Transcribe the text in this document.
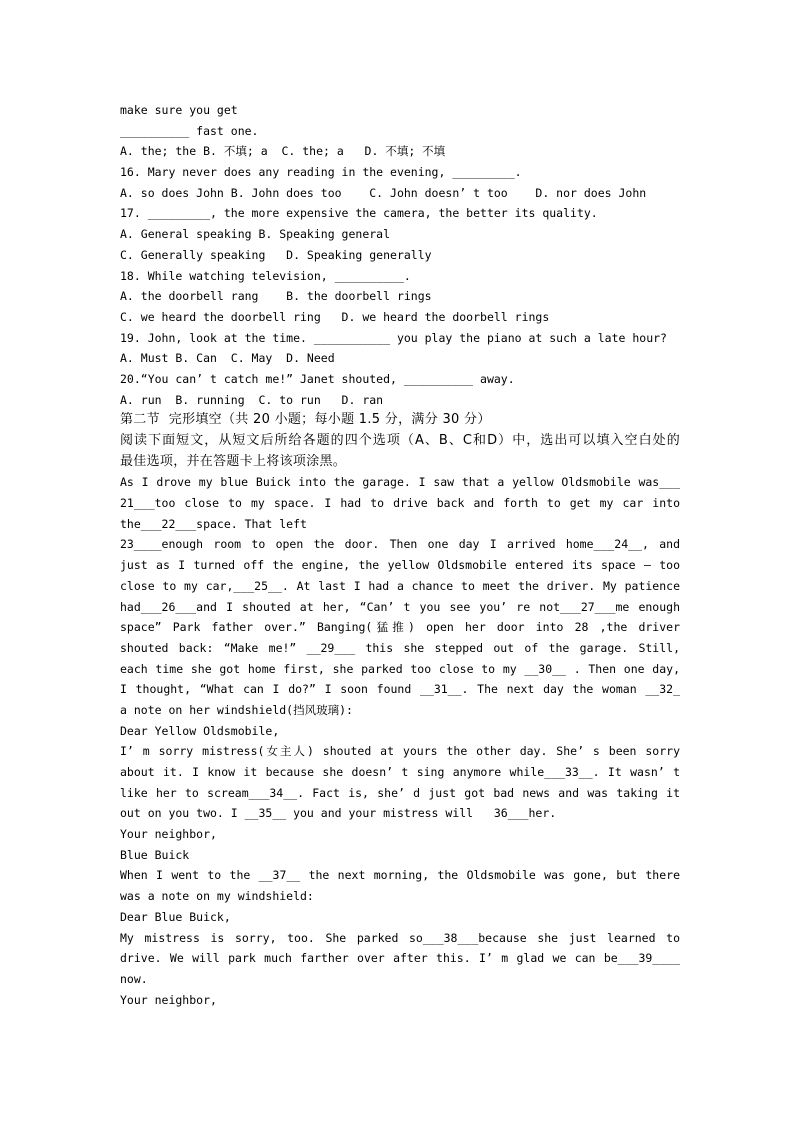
make sure you get
__________ fast one.
A. the; the B. 不填; a  C. the; a   D. 不填; 不填
16. Mary never does any reading in the evening, _________.
A. so does John B. John does too    C. John doesn’ t too    D. nor does John
17. _________, the more expensive the camera, the better its quality.
A. General speaking B. Speaking general
C. Generally speaking   D. Speaking generally
18. While watching television, __________.
A. the doorbell rang    B. the doorbell rings
C. we heard the doorbell ring   D. we heard the doorbell rings
19. John, look at the time. ___________ you play the piano at such a late hour?
A. Must B. Can  C. May  D. Need
20.“You can’ t catch me!” Janet shouted, __________ away.
A. run  B. running  C. to run   D. ran
第二节  完形填空（共 20 小题；每小题 1.5 分，满分 30 分）
阅读下面短文，从短文后所给各题的四个选项（A、B、C和D）中，选出可以填入空白处的
最佳选项，并在答题卡上将该项涂黑。
As I drove my blue Buick into the garage. I saw that a yellow Oldsmobile was___
21___too close to my space. I had to drive back and forth to get my car into
the___22___space. That left
23____enough room to open the door. Then one day I arrived home___24__, and
just as I turned off the engine, the yellow Oldsmobile entered its space — too
close to my car,___25__. At last I had a chance to meet the driver. My patience
had___26___and I shouted at her, “Can’ t you see you’ re not___27___me enough
space” Park father over.” Banging(猛推) open her door into 28 ,the driver
shouted back: “Make me!” __29___ this she stepped out of the garage. Still,
each time she got home first, she parked too close to my __30__ . Then one day,
I thought, “What can I do?” I soon found __31__. The next day the woman __32_
a note on her windshield(挡风玻璃):
Dear Yellow Oldsmobile,
I’ m sorry mistress(女主人) shouted at yours the other day. She’ s been sorry
about it. I know it because she doesn’ t sing anymore while___33__. It wasn’ t
like her to scream___34__. Fact is, she’ d just got bad news and was taking it
out on you two. I __35__ you and your mistress will   36___her.
Your neighbor,
Blue Buick
When I went to the __37__ the next morning, the Oldsmobile was gone, but there
was a note on my windshield:
Dear Blue Buick,
My mistress is sorry, too. She parked so___38___because she just learned to
drive. We will park much farther over after this. I’ m glad we can be___39____
now.
Your neighbor,
